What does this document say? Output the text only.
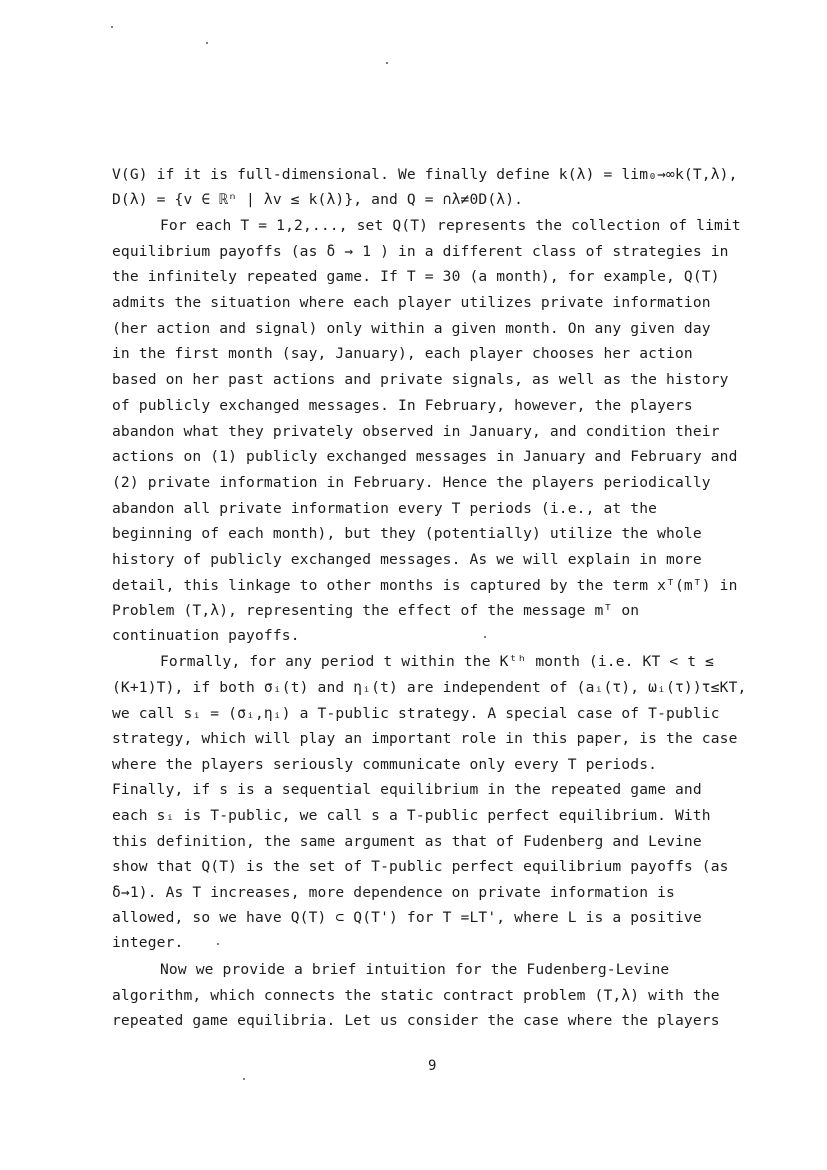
V(G) if it is full-dimensional. We finally define k(λ) = lim₀→∞k(T,λ),
D(λ) = {v ∈ ℝⁿ | λv ≤ k(λ)}, and Q = ∩λ≠0D(λ).
For each T = 1,2,..., set Q(T) represents the collection of limit
equilibrium payoffs (as δ → 1 ) in a different class of strategies in
the infinitely repeated game. If T = 30 (a month), for example, Q(T)
admits the situation where each player utilizes private information
(her action and signal) only within a given month. On any given day
in the first month (say, January), each player chooses her action
based on her past actions and private signals, as well as the history
of publicly exchanged messages. In February, however, the players
abandon what they privately observed in January, and condition their
actions on (1) publicly exchanged messages in January and February and
(2) private information in February. Hence the players periodically
abandon all private information every T periods (i.e., at the
beginning of each month), but they (potentially) utilize the whole
history of publicly exchanged messages. As we will explain in more
detail, this linkage to other months is captured by the term xᵀ(mᵀ) in
Problem (T,λ), representing the effect of the message mᵀ on
continuation payoffs.
Formally, for any period t within the Kᵗʰ month (i.e. KT < t ≤
(K+1)T), if both σᵢ(t) and ηᵢ(t) are independent of (aᵢ(τ), ωᵢ(τ))τ≤KT,
we call sᵢ = (σᵢ,ηᵢ) a T-public strategy. A special case of T-public
strategy, which will play an important role in this paper, is the case
where the players seriously communicate only every T periods.
Finally, if s is a sequential equilibrium in the repeated game and
each sᵢ is T-public, we call s a T-public perfect equilibrium. With
this definition, the same argument as that of Fudenberg and Levine
show that Q(T) is the set of T-public perfect equilibrium payoffs (as
δ→1). As T increases, more dependence on private information is
allowed, so we have Q(T) ⊂ Q(T') for T =LT', where L is a positive
integer.
Now we provide a brief intuition for the Fudenberg-Levine
algorithm, which connects the static contract problem (T,λ) with the
repeated game equilibria. Let us consider the case where the players
9
